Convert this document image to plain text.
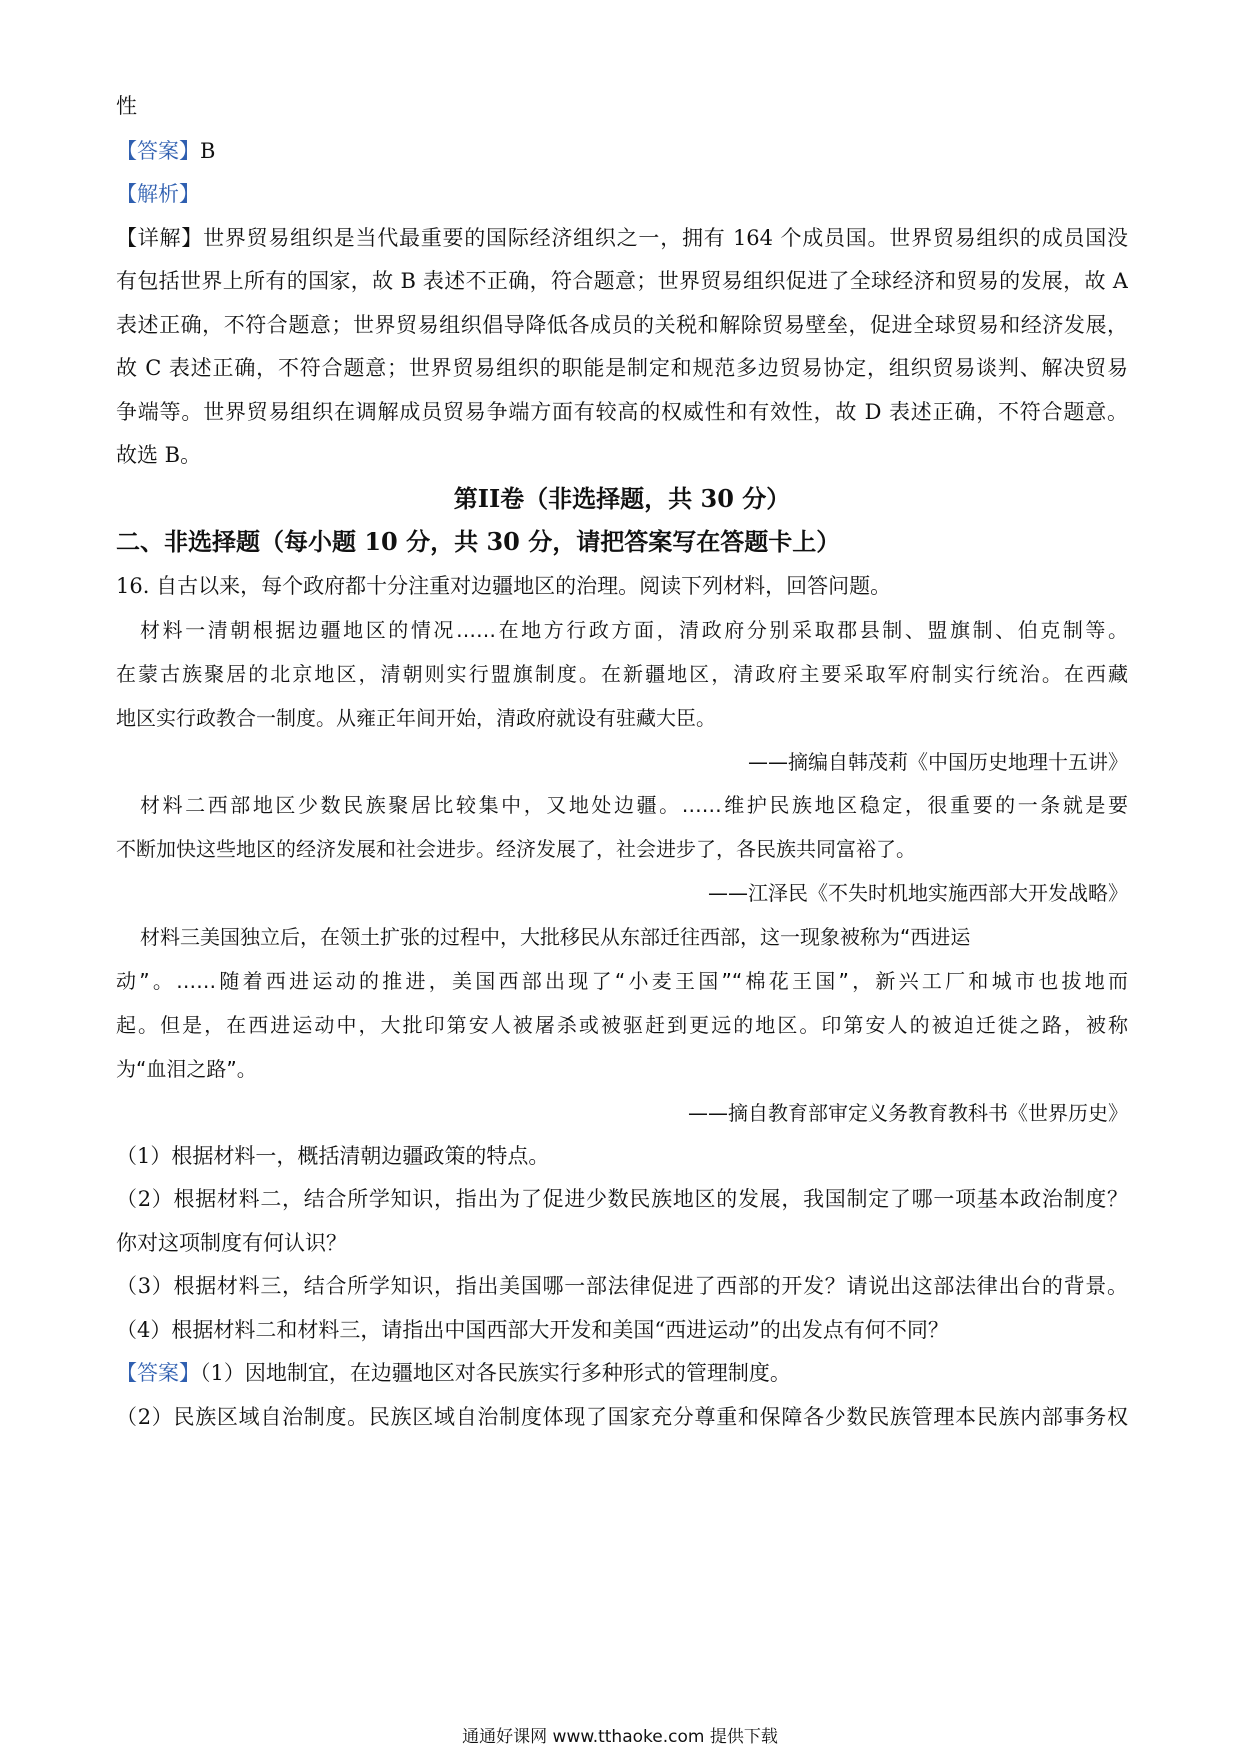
性
【答案】B
【解析】
【详解】世界贸易组织是当代最重要的国际经济组织之一，拥有 164 个成员国。世界贸易组织的成员国没
有包括世界上所有的国家，故 B 表述不正确，符合题意；世界贸易组织促进了全球经济和贸易的发展，故 A
表述正确，不符合题意；世界贸易组织倡导降低各成员的关税和解除贸易壁垒，促进全球贸易和经济发展，
故 C 表述正确，不符合题意；世界贸易组织的职能是制定和规范多边贸易协定，组织贸易谈判、解决贸易
争端等。世界贸易组织在调解成员贸易争端方面有较高的权威性和有效性，故 D 表述正确，不符合题意。
故选 B。
第II卷（非选择题，共 30 分）
二、非选择题（每小题 10 分，共 30 分，请把答案写在答题卡上）
16. 自古以来，每个政府都十分注重对边疆地区的治理。阅读下列材料，回答问题。
材料一清朝根据边疆地区的情况……在地方行政方面，清政府分别采取郡县制、盟旗制、伯克制等。
在蒙古族聚居的北京地区，清朝则实行盟旗制度。在新疆地区，清政府主要采取军府制实行统治。在西藏
地区实行政教合一制度。从雍正年间开始，清政府就设有驻藏大臣。
——摘编自韩茂莉《中国历史地理十五讲》
材料二西部地区少数民族聚居比较集中，又地处边疆。……维护民族地区稳定，很重要的一条就是要
不断加快这些地区的经济发展和社会进步。经济发展了，社会进步了，各民族共同富裕了。
——江泽民《不失时机地实施西部大开发战略》
材料三美国独立后，在领土扩张的过程中，大批移民从东部迁往西部，这一现象被称为“西进运
动”。……随着西进运动的推进，美国西部出现了“小麦王国”“棉花王国”，新兴工厂和城市也拔地而
起。但是，在西进运动中，大批印第安人被屠杀或被驱赶到更远的地区。印第安人的被迫迁徙之路，被称
为“血泪之路”。
——摘自教育部审定义务教育教科书《世界历史》
（1）根据材料一，概括清朝边疆政策的特点。
（2）根据材料二，结合所学知识，指出为了促进少数民族地区的发展，我国制定了哪一项基本政治制度？
你对这项制度有何认识？
（3）根据材料三，结合所学知识，指出美国哪一部法律促进了西部的开发？请说出这部法律出台的背景。
（4）根据材料二和材料三，请指出中国西部大开发和美国“西进运动”的出发点有何不同？
【答案】（1）因地制宜，在边疆地区对各民族实行多种形式的管理制度。
（2）民族区域自治制度。民族区域自治制度体现了国家充分尊重和保障各少数民族管理本民族内部事务权
通通好课网 www.tthaoke.com 提供下载
